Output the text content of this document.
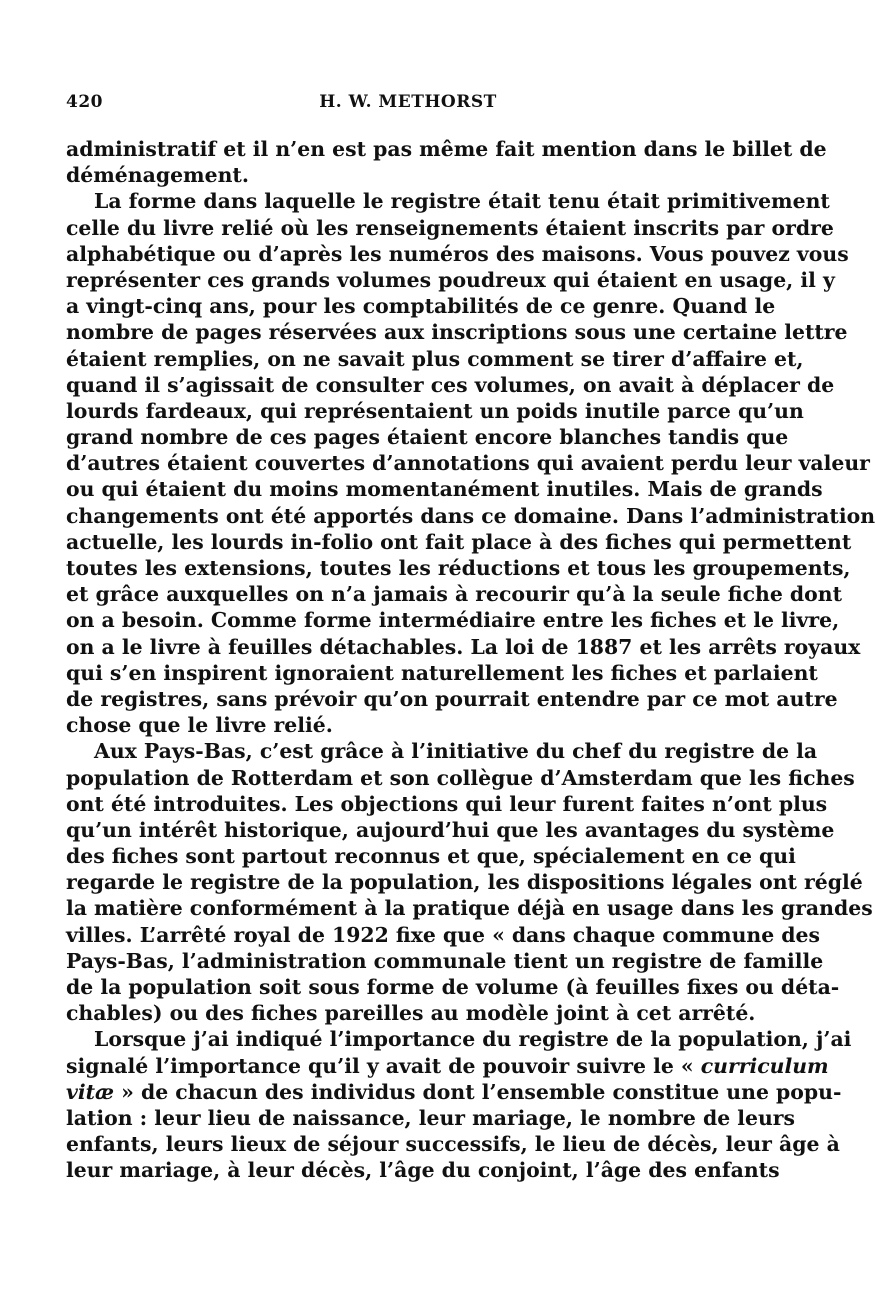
420	H. W. METHORST
administratif et il n’en est pas même fait mention dans le billet de
déménagement.
La forme dans laquelle le registre était tenu était primitivement
celle du livre relié où les renseignements étaient inscrits par ordre
alphabétique ou d’après les numéros des maisons. Vous pouvez vous
représenter ces grands volumes poudreux qui étaient en usage, il y
a vingt-cinq ans, pour les comptabilités de ce genre. Quand le
nombre de pages réservées aux inscriptions sous une certaine lettre
étaient remplies, on ne savait plus comment se tirer d’affaire et,
quand il s’agissait de consulter ces volumes, on avait à déplacer de
lourds fardeaux, qui représentaient un poids inutile parce qu’un
grand nombre de ces pages étaient encore blanches tandis que
d’autres étaient couvertes d’annotations qui avaient perdu leur valeur
ou qui étaient du moins momentanément inutiles. Mais de grands
changements ont été apportés dans ce domaine. Dans l’administration
actuelle, les lourds in-folio ont fait place à des fiches qui permettent
toutes les extensions, toutes les réductions et tous les groupements,
et grâce auxquelles on n’a jamais à recourir qu’à la seule fiche dont
on a besoin. Comme forme intermédiaire entre les fiches et le livre,
on a le livre à feuilles détachables. La loi de 1887 et les arrêts royaux
qui s’en inspirent ignoraient naturellement les fiches et parlaient
de registres, sans prévoir qu’on pourrait entendre par ce mot autre
chose que le livre relié.
Aux Pays-Bas, c’est grâce à l’initiative du chef du registre de la
population de Rotterdam et son collègue d’Amsterdam que les fiches
ont été introduites. Les objections qui leur furent faites n’ont plus
qu’un intérêt historique, aujourd’hui que les avantages du système
des fiches sont partout reconnus et que, spécialement en ce qui
regarde le registre de la population, les dispositions légales ont réglé
la matière conformément à la pratique déjà en usage dans les grandes
villes. L’arrêté royal de 1922 fixe que « dans chaque commune des
Pays-Bas, l’administration communale tient un registre de famille
de la population soit sous forme de volume (à feuilles fixes ou déta-
chables) ou des fiches pareilles au modèle joint à cet arrêté.
Lorsque j’ai indiqué l’importance du registre de la population, j’ai
signalé l’importance qu’il y avait de pouvoir suivre le « curriculum
vitæ » de chacun des individus dont l’ensemble constitue une popu-
lation : leur lieu de naissance, leur mariage, le nombre de leurs
enfants, leurs lieux de séjour successifs, le lieu de décès, leur âge à
leur mariage, à leur décès, l’âge du conjoint, l’âge des enfants
